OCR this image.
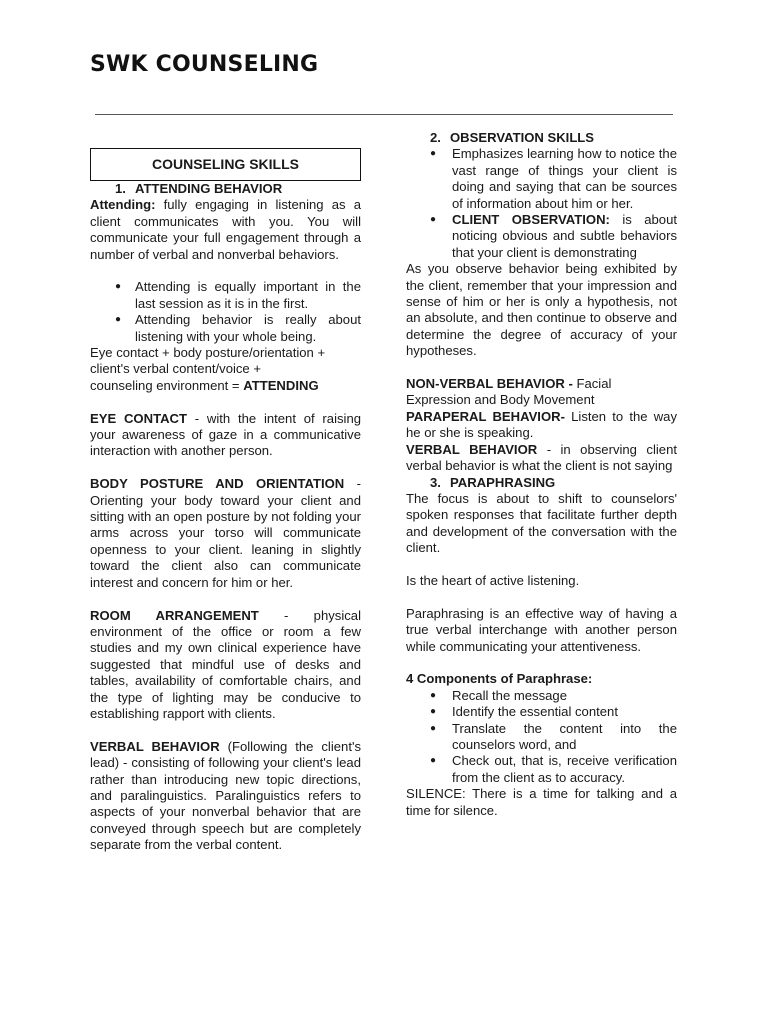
SWK COUNSELING
COUNSELING SKILLS

1. ATTENDING BEHAVIOR

Attending: fully engaging in listening as a client communicates with you. You will communicate your full engagement through a number of verbal and nonverbal behaviors.

● Attending is equally important in the last session as it is in the first.
● Attending behavior is really about listening with your whole being.

Eye contact + body posture/orientation +

client's verbal content/voice +

counseling environment = ATTENDING

EYE CONTACT - with the intent of raising your awareness of gaze in a communicative interaction with another person.

BODY POSTURE AND ORIENTATION - Orienting your body toward your client and sitting with an open posture by not folding your arms across your torso will communicate openness to your client. leaning in slightly toward the client also can communicate interest and concern for him or her.

ROOM ARRANGEMENT - physical environment of the office or room a few studies and my own clinical experience have suggested that mindful use of desks and tables, availability of comfortable chairs, and the type of lighting may be conducive to establishing rapport with clients.

VERBAL BEHAVIOR (Following the client's lead) - consisting of following your client's lead rather than introducing new topic directions, and paralinguistics. Paralinguistics refers to aspects of your nonverbal behavior that are conveyed through speech but are completely separate from the verbal content.

2. OBSERVATION SKILLS

● Emphasizes learning how to notice the vast range of things your client is doing and saying that can be sources of information about him or her.
● CLIENT OBSERVATION: is about noticing obvious and subtle behaviors that your client is demonstrating

As you observe behavior being exhibited by the client, remember that your impression and sense of him or her is only a hypothesis, not an absolute, and then continue to observe and determine the degree of accuracy of your hypotheses.

NON-VERBAL BEHAVIOR - Facial Expression and Body Movement

PARAPERAL BEHAVIOR- Listen to the way he or she is speaking.

VERBAL BEHAVIOR - in observing client verbal behavior is what the client is not saying

3. PARAPHRASING

The focus is about to shift to counselors' spoken responses that facilitate further depth and development of the conversation with the client.

Is the heart of active listening.

Paraphrasing is an effective way of having a true verbal interchange with another person while communicating your attentiveness.

4 Components of Paraphrase:

● Recall the message
● Identify the essential content
● Translate the content into the counselors word, and
● Check out, that is, receive verification from the client as to accuracy.

SILENCE: There is a time for talking and a time for silence.
